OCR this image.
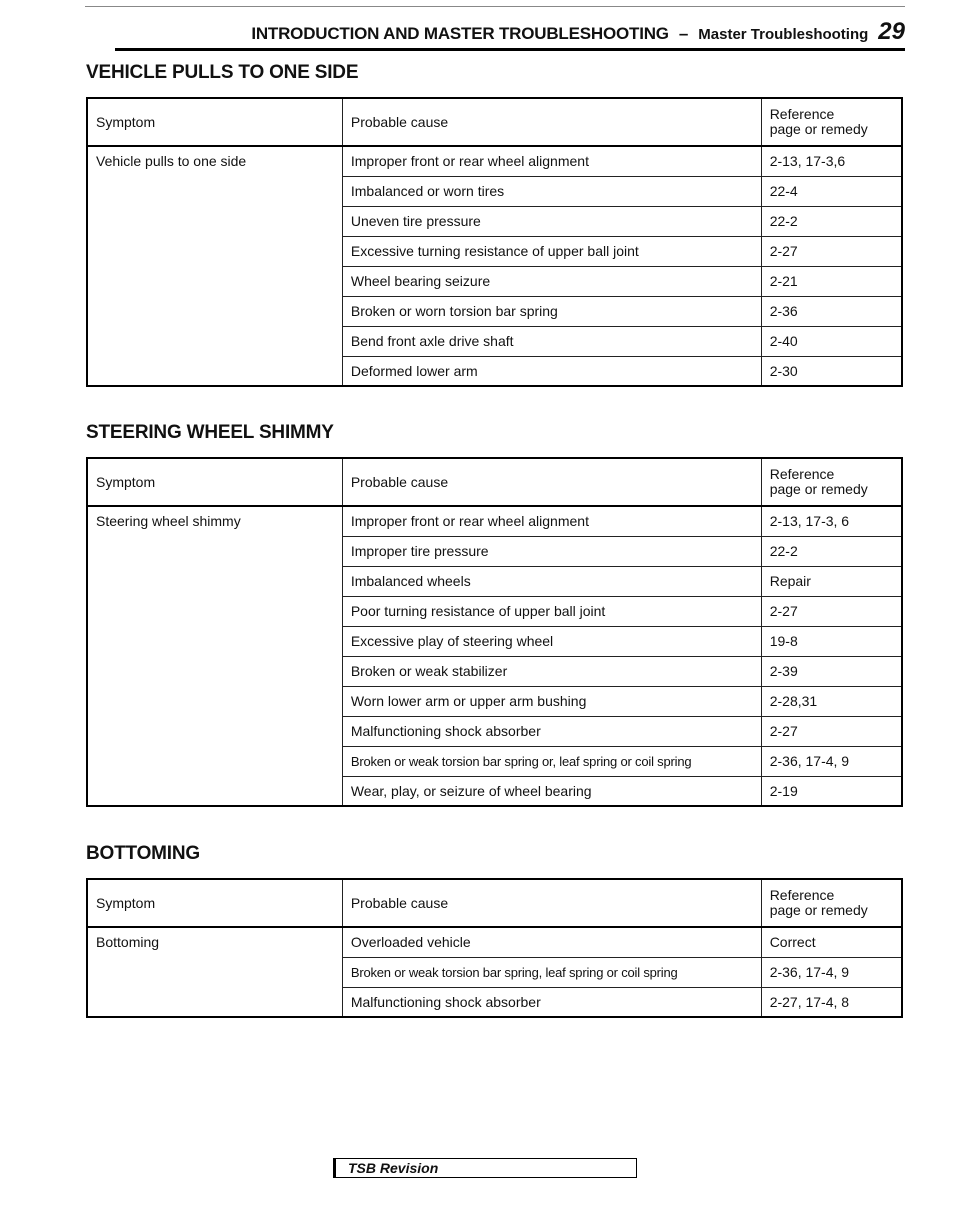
INTRODUCTION AND MASTER TROUBLESHOOTING – Master Troubleshooting 29
VEHICLE PULLS TO ONE SIDE
Symptom	Probable cause	Reference
page or remedy
Vehicle pulls to one side	Improper front or rear wheel alignment	2-13, 17-3,6
	Imbalanced or worn tires	22-4
	Uneven tire pressure	22-2
	Excessive turning resistance of upper ball joint	2-27
	Wheel bearing seizure	2-21
	Broken or worn torsion bar spring	2-36
	Bend front axle drive shaft	2-40
	Deformed lower arm	2-30
STEERING WHEEL SHIMMY
Symptom	Probable cause	Reference
page or remedy
Steering wheel shimmy	Improper front or rear wheel alignment	2-13, 17-3, 6
	Improper tire pressure	22-2
	Imbalanced wheels	Repair
	Poor turning resistance of upper ball joint	2-27
	Excessive play of steering wheel	19-8
	Broken or weak stabilizer	2-39
	Worn lower arm or upper arm bushing	2-28,31
	Malfunctioning shock absorber	2-27
	Broken or weak torsion bar spring or, leaf spring or coil spring	2-36, 17-4, 9
	Wear, play, or seizure of wheel bearing	2-19
BOTTOMING
Symptom	Probable cause	Reference
page or remedy
Bottoming	Overloaded vehicle	Correct
	Broken or weak torsion bar spring, leaf spring or coil spring	2-36, 17-4, 9
	Malfunctioning shock absorber	2-27, 17-4, 8
TSB Revision
